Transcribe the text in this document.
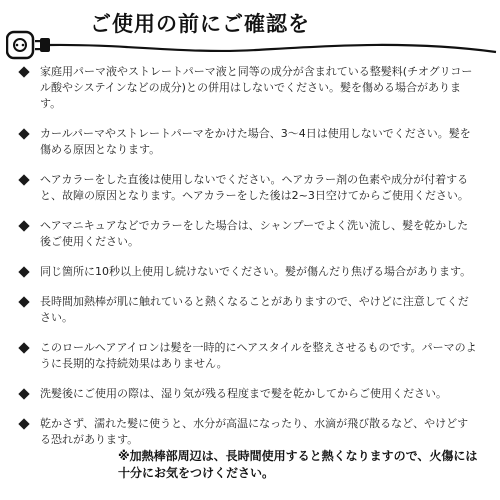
ご使用の前にご確認を
家庭用パーマ液やストレートパーマ液と同等の成分が含まれている整髪料(チオグリコール酸やシステインなどの成分)との併用はしないでください。髪を傷める場合があります。
カールパーマやストレートパーマをかけた場合、3〜4日は使用しないでください。髪を傷める原因となります。
ヘアカラーをした直後は使用しないでください。ヘアカラー剤の色素や成分が付着すると、故障の原因となります。ヘアカラーをした後は2~3日空けてからご使用ください。
ヘアマニキュアなどでカラーをした場合は、シャンプーでよく洗い流し、髪を乾かした後ご使用ください。
同じ箇所に10秒以上使用し続けないでください。髪が傷んだり焦げる場合があります。
長時間加熱棒が肌に触れていると熱くなることがありますので、やけどに注意してください。
このロールヘアアイロンは髪を一時的にヘアスタイルを整えさせるものです。パーマのように長期的な持続効果はありません。
洗髪後にご使用の際は、湿り気が残る程度まで髪を乾かしてからご使用ください。
乾かさず、濡れた髪に使うと、水分が高温になったり、水滴が飛び散るなど、やけどする恐れがあります。
※加熱棒部周辺は、長時間使用すると熱くなりますので、火傷には十分にお気をつけください。
